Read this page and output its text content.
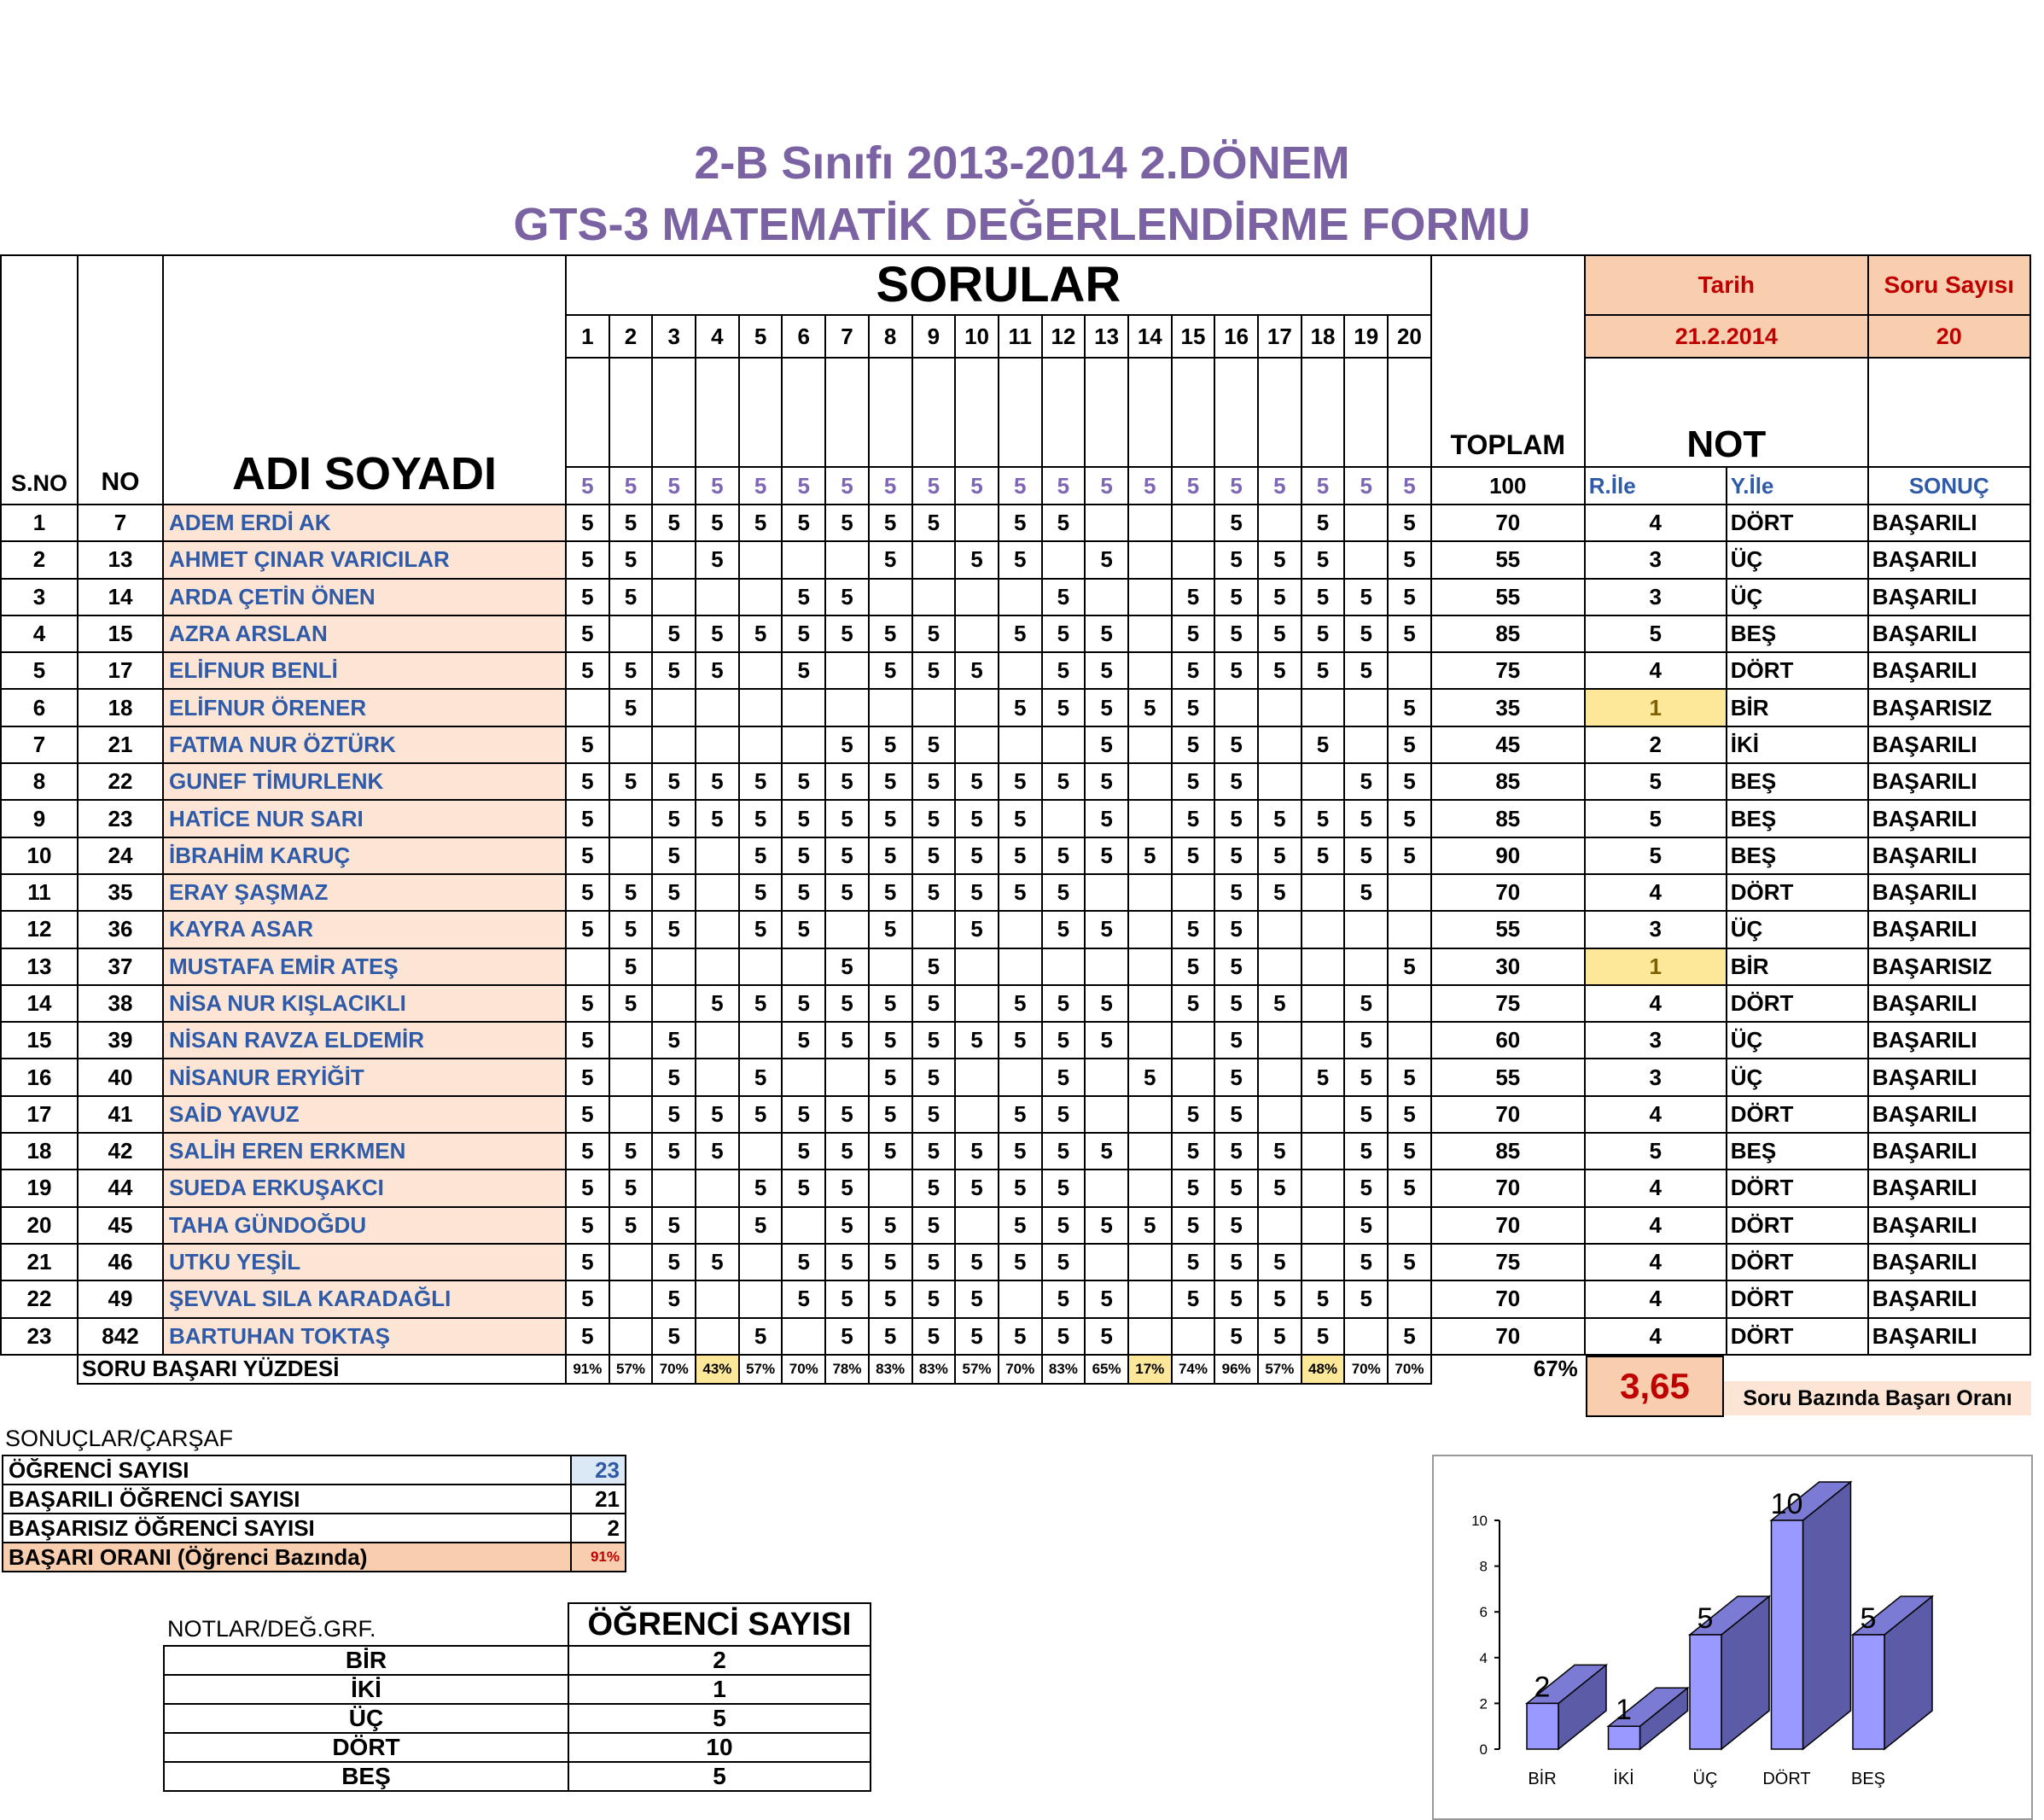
2-B Sınıfı 2013-2014 2.DÖNEM
GTS-3 MATEMATİK DEĞERLENDİRME FORMU
S.NO	NO	ADI SOYADI	SORULAR																				TOPLAM	Tarih		Soru Sayısı
			1	2	3	4	5	6	7	8	9	10	11	12	13	14	15	16	17	18	19	20		21.2.2014		20
																								NOT		
			5	5	5	5	5	5	5	5	5	5	5	5	5	5	5	5	5	5	5	5	100	R.İle	Y.İle	SONUÇ
1	7	ADEM ERDİ AK	5	5	5	5	5	5	5	5	5		5	5				5		5		5	70	4	DÖRT	BAŞARILI
2	13	AHMET ÇINAR VARICILAR	5	5		5				5		5	5		5			5	5	5		5	55	3	ÜÇ	BAŞARILI
3	14	ARDA ÇETİN ÖNEN	5	5				5	5					5			5	5	5	5	5	5	55	3	ÜÇ	BAŞARILI
4	15	AZRA ARSLAN	5		5	5	5	5	5	5	5		5	5	5		5	5	5	5	5	5	85	5	BEŞ	BAŞARILI
5	17	ELİFNUR BENLİ	5	5	5	5		5		5	5	5		5	5		5	5	5	5	5		75	4	DÖRT	BAŞARILI
6	18	ELİFNUR ÖRENER		5									5	5	5	5	5					5	35	1	BİR	BAŞARISIZ
7	21	FATMA NUR ÖZTÜRK	5						5	5	5				5		5	5		5		5	45	2	İKİ	BAŞARILI
8	22	GUNEF TİMURLENK	5	5	5	5	5	5	5	5	5	5	5	5	5		5	5			5	5	85	5	BEŞ	BAŞARILI
9	23	HATİCE NUR SARI	5		5	5	5	5	5	5	5	5	5		5		5	5	5	5	5	5	85	5	BEŞ	BAŞARILI
10	24	İBRAHİM KARUÇ	5		5		5	5	5	5	5	5	5	5	5	5	5	5	5	5	5	5	90	5	BEŞ	BAŞARILI
11	35	ERAY ŞAŞMAZ	5	5	5		5	5	5	5	5	5	5	5				5	5		5		70	4	DÖRT	BAŞARILI
12	36	KAYRA ASAR	5	5	5		5	5		5		5		5	5		5	5					55	3	ÜÇ	BAŞARILI
13	37	MUSTAFA EMİR ATEŞ		5					5		5						5	5				5	30	1	BİR	BAŞARISIZ
14	38	NİSA NUR KIŞLACIKLI	5	5		5	5	5	5	5	5		5	5	5		5	5	5		5		75	4	DÖRT	BAŞARILI
15	39	NİSAN RAVZA ELDEMİR	5		5			5	5	5	5	5	5	5	5			5			5		60	3	ÜÇ	BAŞARILI
16	40	NİSANUR ERYİĞİT	5		5		5			5	5			5		5		5		5	5	5	55	3	ÜÇ	BAŞARILI
17	41	SAİD YAVUZ	5		5	5	5	5	5	5	5		5	5			5	5			5	5	70	4	DÖRT	BAŞARILI
18	42	SALİH EREN ERKMEN	5	5	5	5		5	5	5	5	5	5	5	5		5	5	5		5	5	85	5	BEŞ	BAŞARILI
19	44	SUEDA ERKUŞAKCI	5	5			5	5	5		5	5	5	5			5	5	5		5	5	70	4	DÖRT	BAŞARILI
20	45	TAHA GÜNDOĞDU	5	5	5		5		5	5	5		5	5	5	5	5	5			5		70	4	DÖRT	BAŞARILI
21	46	UTKU YEŞİL	5		5	5		5	5	5	5	5	5	5			5	5	5		5	5	75	4	DÖRT	BAŞARILI
22	49	ŞEVVAL SILA KARADAĞLI	5		5			5	5	5	5	5		5	5		5	5	5	5	5		70	4	DÖRT	BAŞARILI
23	842	BARTUHAN TOKTAŞ	5		5		5		5	5	5	5	5	5	5			5	5	5		5	70	4	DÖRT	BAŞARILI
	SORU BAŞARI YÜZDESİ		91%	57%	70%	43%	57%	70%	78%	83%	83%	57%	70%	83%	65%	17%	74%	96%	57%	48%	70%	70%	67%				3,65	Soru Bazında Başarı Oranı
SONUÇLAR/ÇARŞAF
ÖĞRENCİ SAYISI	23
BAŞARILI ÖĞRENCİ SAYISI	21
BAŞARISIZ ÖĞRENCİ SAYISI	2
BAŞARI ORANI (Öğrenci Bazında)	91%
NOTLAR/DEĞ.GRF.
		ÖĞRENCİ SAYISI
BİR	2
İKİ	1
ÜÇ	5
DÖRT	10
BEŞ	5
0
2
4
6
8
10
2
BİR
1
İKİ
5
ÜÇ
10
DÖRT
5
BEŞ
